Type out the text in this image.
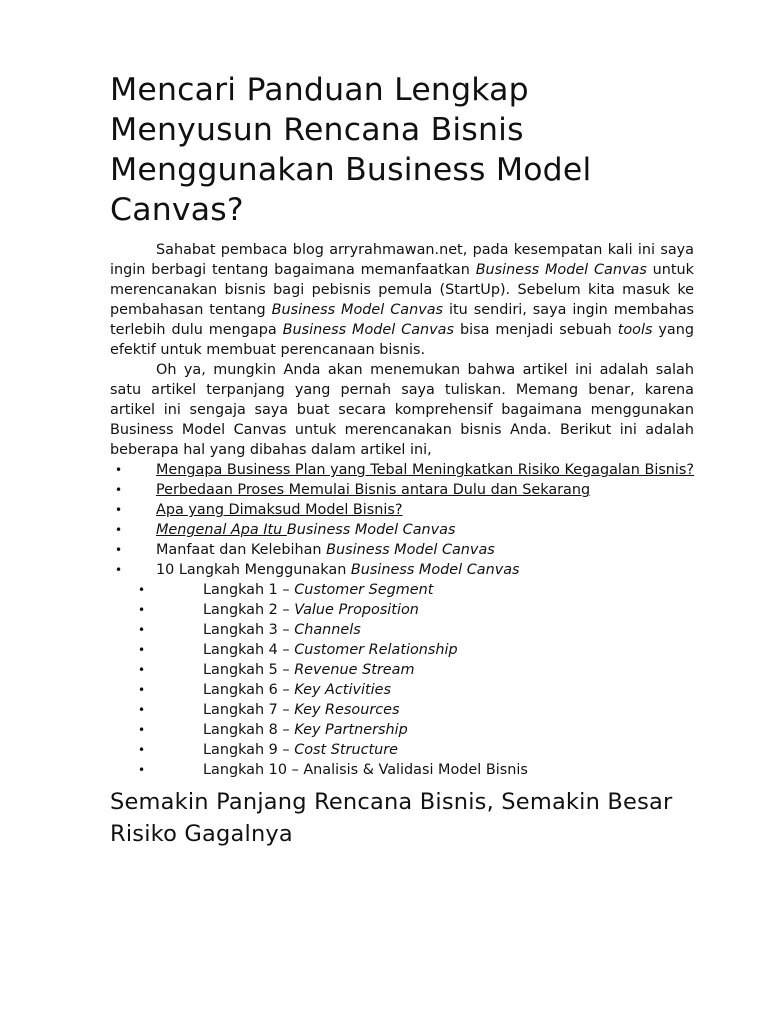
Mencari Panduan Lengkap Menyusun Rencana Bisnis Menggunakan Business Model Canvas?

Sahabat pembaca blog arryrahmawan.net, pada kesempatan kali ini saya ingin berbagi tentang bagaimana memanfaatkan Business Model Canvas untuk merencanakan bisnis bagi pebisnis pemula (StartUp). Sebelum kita masuk ke pembahasan tentang Business Model Canvas itu sendiri, saya ingin membahas terlebih dulu mengapa Business Model Canvas bisa menjadi sebuah tools yang efektif untuk membuat perencanaan bisnis.

Oh ya, mungkin Anda akan menemukan bahwa artikel ini adalah salah satu artikel terpanjang yang pernah saya tuliskan. Memang benar, karena artikel ini sengaja saya buat secara komprehensif bagaimana menggunakan Business Model Canvas untuk merencanakan bisnis Anda. Berikut ini adalah beberapa hal yang dibahas dalam artikel ini,

• Mengapa Business Plan yang Tebal Meningkatkan Risiko Kegagalan Bisnis?
• Perbedaan Proses Memulai Bisnis antara Dulu dan Sekarang
• Apa yang Dimaksud Model Bisnis?
• Mengenal Apa Itu Business Model Canvas
• Manfaat dan Kelebihan Business Model Canvas
• 10 Langkah Menggunakan Business Model Canvas
•	Langkah 1 – Customer Segment
•	Langkah 2 – Value Proposition
•	Langkah 3 – Channels
•	Langkah 4 – Customer Relationship
•	Langkah 5 – Revenue Stream
•	Langkah 6 – Key Activities
•	Langkah 7 – Key Resources
•	Langkah 8 – Key Partnership
•	Langkah 9 – Cost Structure
•	Langkah 10 – Analisis & Validasi Model Bisnis
Semakin Panjang Rencana Bisnis, Semakin Besar Risiko Gagalnya
